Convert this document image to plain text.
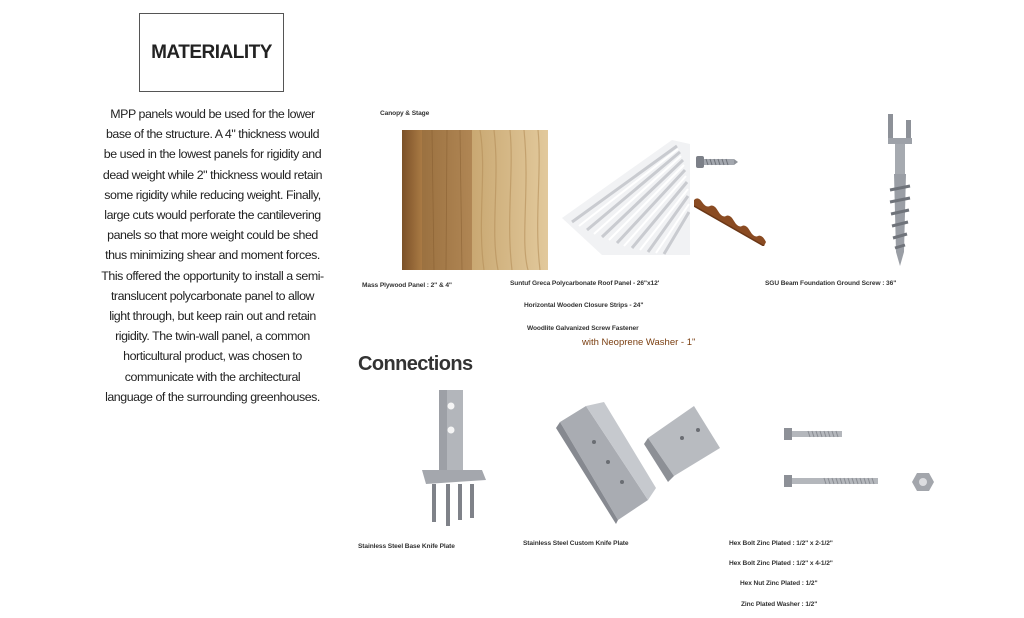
MATERIALITY
MPP panels would be used for the lower base of the structure. A 4" thickness would be used in the lowest panels for rigidity and dead weight while 2" thickness would retain some rigidity while reducing weight. Finally, large cuts would perforate the cantilevering panels so that more weight could be shed thus minimizing shear and moment forces. This offered the opportunity to install a semi-translucent polycarbonate panel to allow light through, but keep rain out and retain rigidity. The twin-wall panel, a common horticultural product, was chosen to communicate with the architectural language of the surrounding greenhouses.
Canopy & Stage
Mass Plywood Panel : 2" & 4"	Suntuf Greca Polycarbonate Roof Panel - 26"x12'
Horizontal Wooden Closure Strips - 24"
Woodlite Galvanized Screw Fastener
with Neoprene Washer - 1"
SGU Beam Foundation Ground Screw : 36"
Connections
Stainless Steel Base Knife Plate	Stainless Steel Custom Knife Plate	Hex Bolt Zinc Plated : 1/2" x 2-1/2"
Hex Bolt Zinc Plated : 1/2" x 4-1/2"
Hex Nut Zinc Plated : 1/2"
Zinc Plated Washer : 1/2"
